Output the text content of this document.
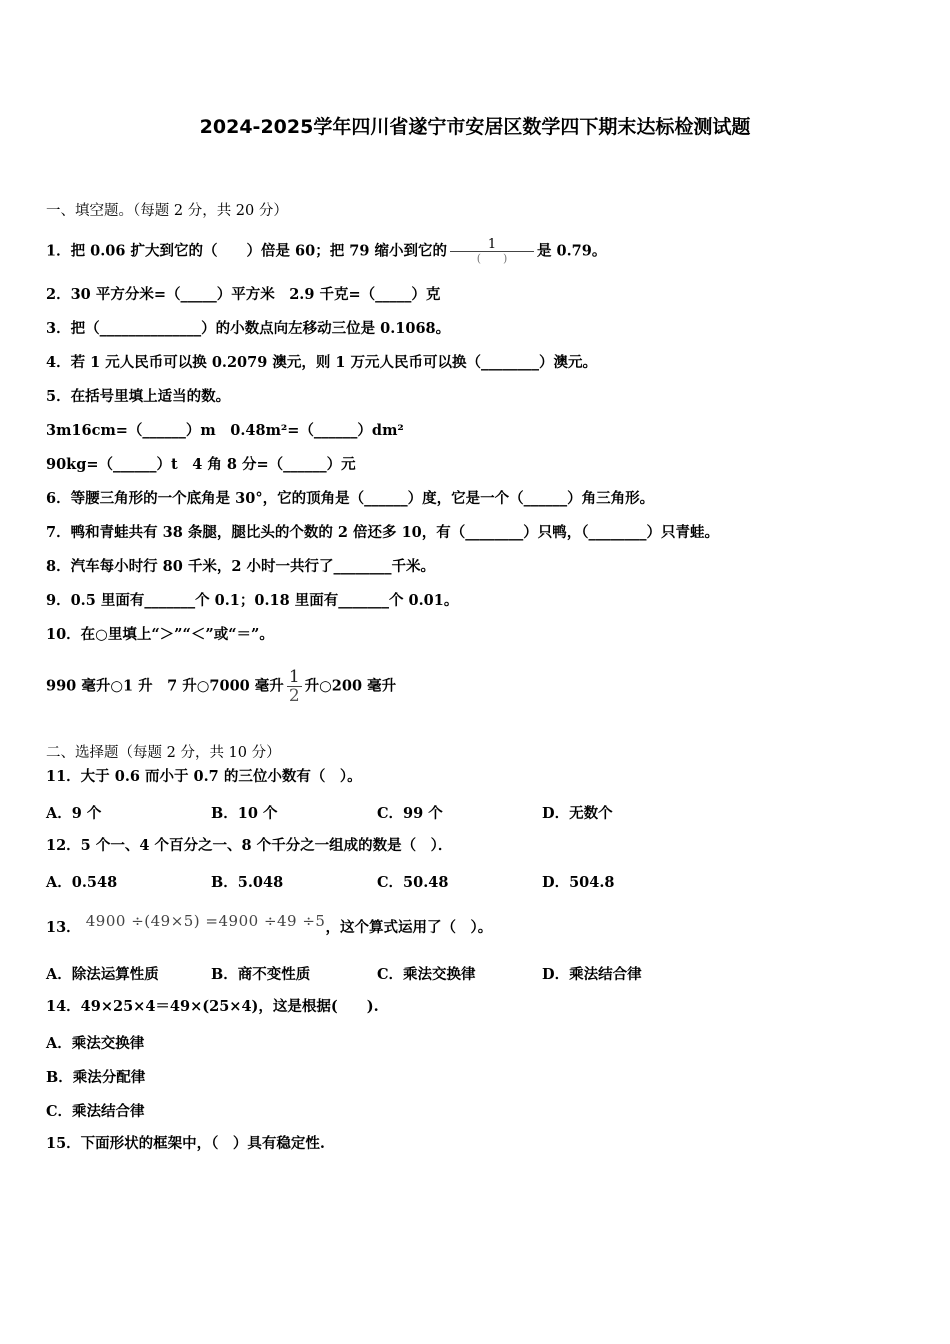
2024-2025学年四川省遂宁市安居区数学四下期末达标检测试题
一、填空题。（每题 2 分，共 20 分）
1．把 0.06 扩大到它的（　　）倍是 60；把 79 缩小到它的 $\frac{1}{( )}$ 是 0.79。
2．30 平方分米=（_____）平方米　2.9 千克=（_____）克
3．把（______________）的小数点向左移动三位是 0.1068。
4．若 1 元人民币可以换 0.2079 澳元，则 1 万元人民币可以换（________）澳元。
5．在括号里填上适当的数。
3m16cm=（______）m　0.48m²=（______）dm²
90kg=（______）t　4 角 8 分=（______）元
6．等腰三角形的一个底角是 30°，它的顶角是（______）度，它是一个（______）角三角形。
7．鸭和青蛙共有 38 条腿，腿比头的个数的 2 倍还多 10，有（________）只鸭，（________）只青蛙。
8．汽车每小时行 80 千米，2 小时一共行了________千米。
9．0.5 里面有_______个 0.1；0.18 里面有_______个 0.01。
10．在○里填上“＞”“＜”或“＝”。
990 毫升○1 升　7 升○7000 毫升 $\frac{1}{2}$ 升○200 毫升
二、选择题（每题 2 分，共 10 分）
11．大于 0.6 而小于 0.7 的三位小数有（　）。
A．9 个	B．10 个	C．99 个	D．无数个
12．5 个一、4 个百分之一、8 个千分之一组成的数是（　）．
A．0.548	B．5.048	C．50.48	D．504.8
13． 4900 ÷(49×5) =4900 ÷49 ÷5，这个算式运用了（　）。
A．除法运算性质	B．商不变性质	C．乘法交换律	D．乘法结合律
14．49×25×4＝49×(25×4)，这是根据(　　).
A．乘法交换律
B．乘法分配律
C．乘法结合律
15．下面形状的框架中，（　）具有稳定性.
